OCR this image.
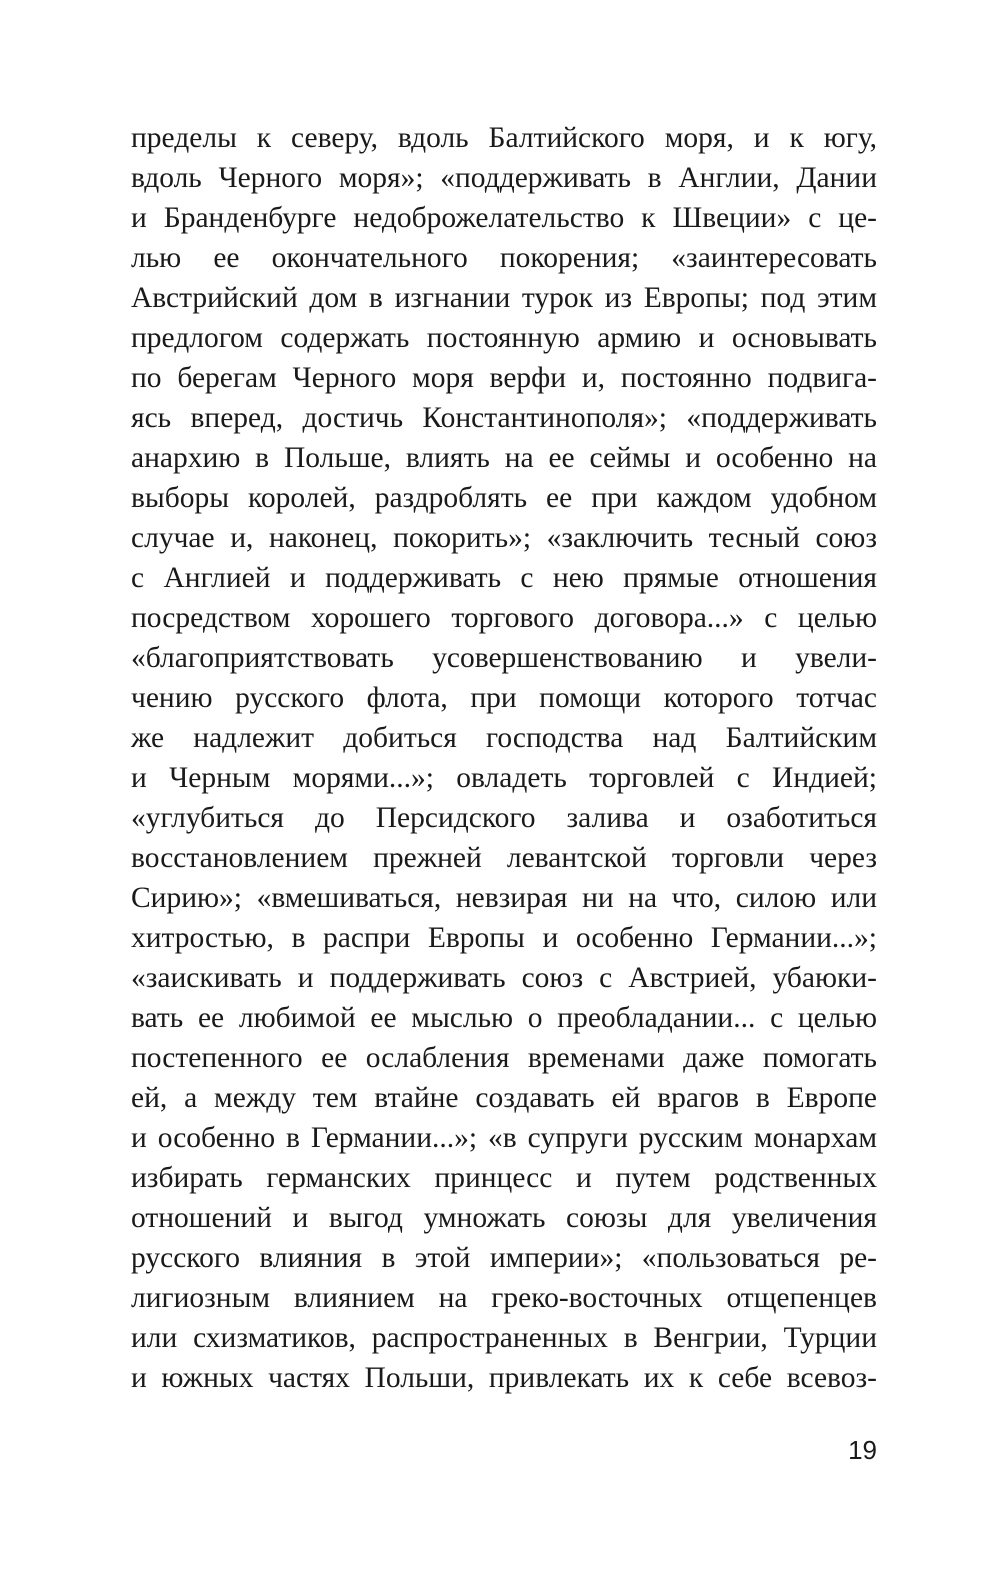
пределы к северу, вдоль Балтийского моря, и к югу,
вдоль Черного моря»; «поддерживать в Англии, Дании
и Бранденбурге недоброжелательство к Швеции» с це-
лью ее окончательного покорения; «заинтересовать
Австрийский дом в изгнании турок из Европы; под этим
предлогом содержать постоянную армию и основывать
по берегам Черного моря верфи и, постоянно подвига-
ясь вперед, достичь Константинополя»; «поддерживать
анархию в Польше, влиять на ее сеймы и особенно на
выборы королей, раздроблять ее при каждом удобном
случае и, наконец, покорить»; «заключить тесный союз
с Англией и поддерживать с нею прямые отношения
посредством хорошего торгового договора...» с целью
«благоприятствовать усовершенствованию и увели-
чению русского флота, при помощи которого тотчас
же надлежит добиться господства над Балтийским
и Черным морями...»; овладеть торговлей с Индией;
«углубиться до Персидского залива и озаботиться
восстановлением прежней левантской торговли через
Сирию»; «вмешиваться, невзирая ни на что, силою или
хитростью, в распри Европы и особенно Германии...»;
«заискивать и поддерживать союз с Австрией, убаюки-
вать ее любимой ее мыслью о преобладании... с целью
постепенного ее ослабления временами даже помогать
ей, а между тем втайне создавать ей врагов в Европе
и особенно в Германии...»; «в супруги русским монархам
избирать германских принцесс и путем родственных
отношений и выгод умножать союзы для увеличения
русского влияния в этой империи»; «пользоваться ре-
лигиозным влиянием на греко-восточных отщепенцев
или схизматиков, распространенных в Венгрии, Турции
и южных частях Польши, привлекать их к себе всевоз-
19
